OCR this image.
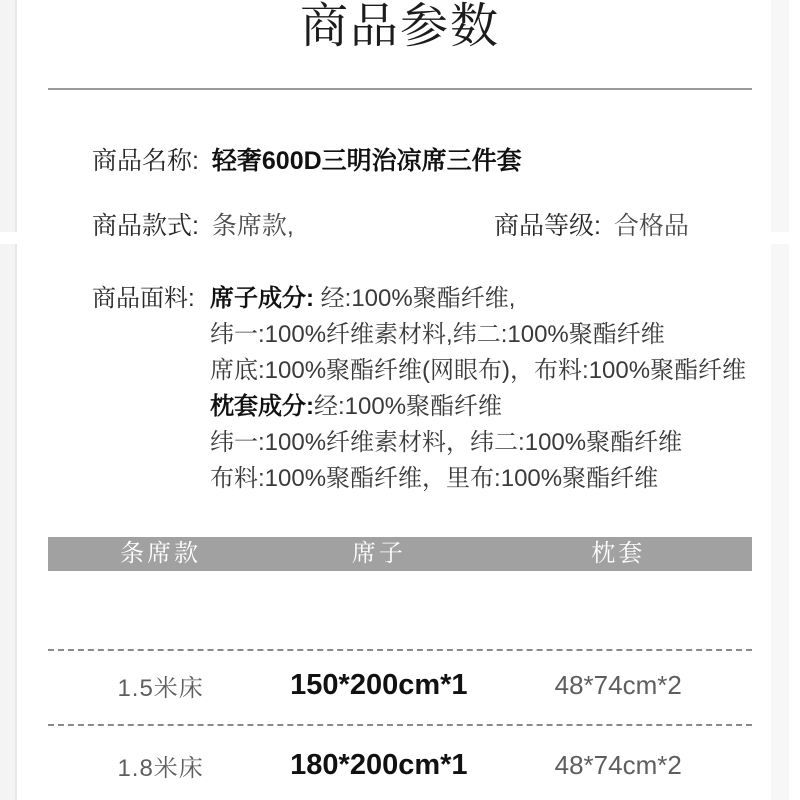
商品参数
商品名称: 轻奢600D三明治凉席三件套
商品款式: 条席款,	商品等级: 合格品
商品面料: 席子成分: 经:100%聚酯纤维,
纬一:100%纤维素材料,纬二:100%聚酯纤维
席底:100%聚酯纤维(网眼布)，布料:100%聚酯纤维
枕套成分:经:100%聚酯纤维
纬一:100%纤维素材料，纬二:100%聚酯纤维
布料:100%聚酯纤维，里布:100%聚酯纤维
条席款	席子	枕套
1.5米床	150*200cm*1	48*74cm*2
1.8米床	180*200cm*1	48*74cm*2
